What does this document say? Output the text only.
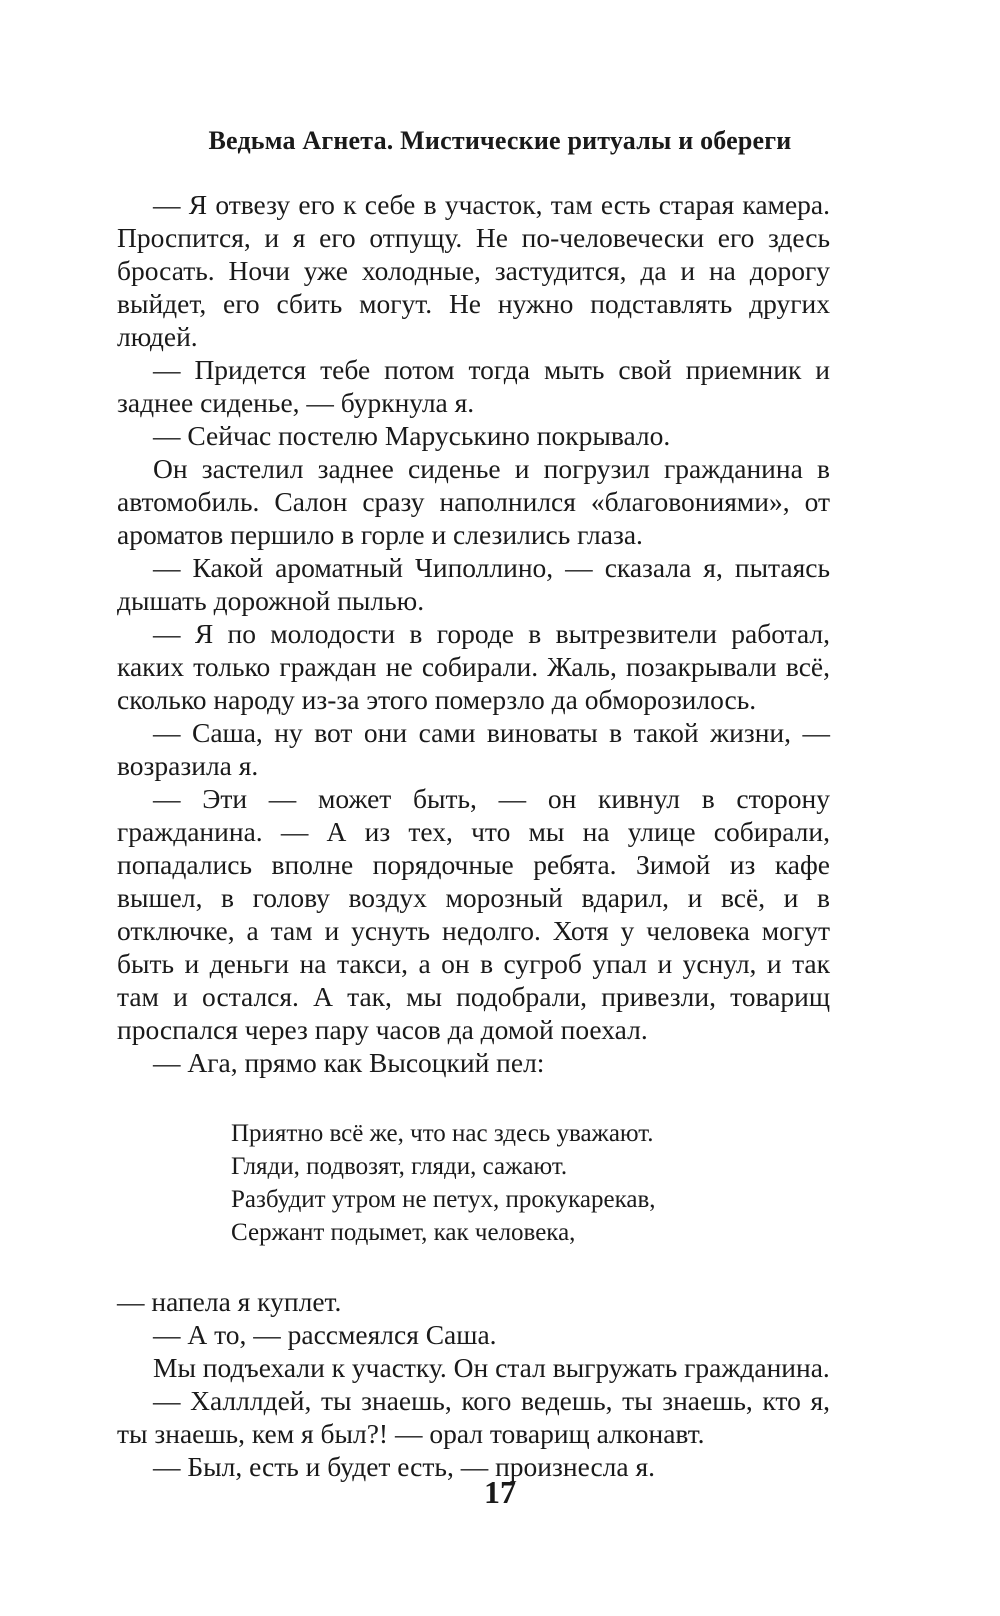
Ведьма Агнета. Мистические ритуалы и обереги

— Я отвезу его к себе в участок, там есть старая камера. Проспится, и я его отпущу. Не по-человечески его здесь бросать. Ночи уже холодные, застудится, да и на дорогу выйдет, его сбить могут. Не нужно подставлять других людей.

— Придется тебе потом тогда мыть свой приемник и заднее сиденье, — буркнула я.

— Сейчас постелю Маруськино покрывало.

Он застелил заднее сиденье и погрузил гражданина в автомобиль. Салон сразу наполнился «благовониями», от ароматов першило в горле и слезились глаза.

— Какой ароматный Чиполлино, — сказала я, пытаясь дышать дорожной пылью.

— Я по молодости в городе в вытрезвители работал, каких только граждан не собирали. Жаль, позакрывали всё, сколько народу из-за этого померзло да обморозилось.

— Саша, ну вот они сами виноваты в такой жизни, — возразила я.

— Эти — может быть, — он кивнул в сторону гражданина. — А из тех, что мы на улице собирали, попадались вполне порядочные ребята. Зимой из кафе вышел, в голову воздух морозный вдарил, и всё, и в отключке, а там и уснуть недолго. Хотя у человека могут быть и деньги на такси, а он в сугроб упал и уснул, и так там и остался. А так, мы подобрали, привезли, товарищ проспался через пару часов да домой поехал.

— Ага, прямо как Высоцкий пел:

Приятно всё же, что нас здесь уважают.
Гляди, подвозят, гляди, сажают.
Разбудит утром не петух, прокукарекав,
Сержант подымет, как человека,

— напела я куплет.

— А то, — рассмеялся Саша.

Мы подъехали к участку. Он стал выгружать гражданина.

— Халллдей, ты знаешь, кого ведешь, ты знаешь, кто я, ты знаешь, кем я был?! — орал товарищ алконавт.

— Был, есть и будет есть, — произнесла я.

17
